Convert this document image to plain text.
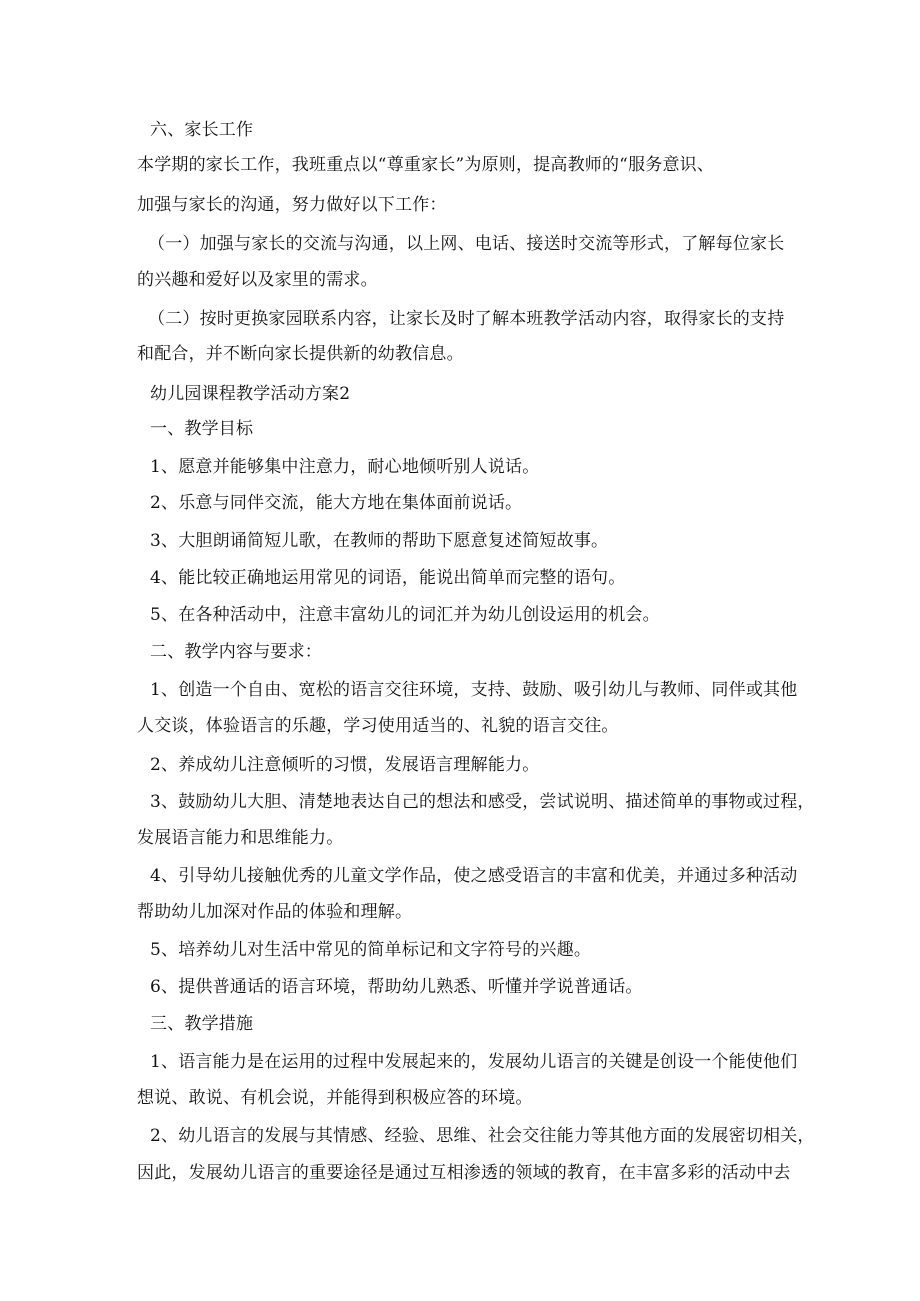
六、家长工作
本学期的家长工作，我班重点以“尊重家长”为原则，提高教师的“服务意识、
加强与家长的沟通，努力做好以下工作：
（一）加强与家长的交流与沟通，以上网、电话、接送时交流等形式，了解每位家长
的兴趣和爱好以及家里的需求。
（二）按时更换家园联系内容，让家长及时了解本班教学活动内容，取得家长的支持
和配合，并不断向家长提供新的幼教信息。
幼儿园课程教学活动方案2
一、教学目标
1、愿意并能够集中注意力，耐心地倾听别人说话。
2、乐意与同伴交流，能大方地在集体面前说话。
3、大胆朗诵简短儿歌，在教师的帮助下愿意复述简短故事。
4、能比较正确地运用常见的词语，能说出简单而完整的语句。
5、在各种活动中，注意丰富幼儿的词汇并为幼儿创设运用的机会。
二、教学内容与要求：
1、创造一个自由、宽松的语言交往环境，支持、鼓励、吸引幼儿与教师、同伴或其他
人交谈，体验语言的乐趣，学习使用适当的、礼貌的语言交往。
2、养成幼儿注意倾听的习惯，发展语言理解能力。
3、鼓励幼儿大胆、清楚地表达自己的想法和感受，尝试说明、描述简单的事物或过程，
发展语言能力和思维能力。
4、引导幼儿接触优秀的儿童文学作品，使之感受语言的丰富和优美，并通过多种活动
帮助幼儿加深对作品的体验和理解。
5、培养幼儿对生活中常见的简单标记和文字符号的兴趣。
6、提供普通话的语言环境，帮助幼儿熟悉、听懂并学说普通话。
三、教学措施
1、语言能力是在运用的过程中发展起来的，发展幼儿语言的关键是创设一个能使他们
想说、敢说、有机会说，并能得到积极应答的环境。
2、幼儿语言的发展与其情感、经验、思维、社会交往能力等其他方面的发展密切相关，
因此，发展幼儿语言的重要途径是通过互相渗透的领域的教育，在丰富多彩的活动中去
